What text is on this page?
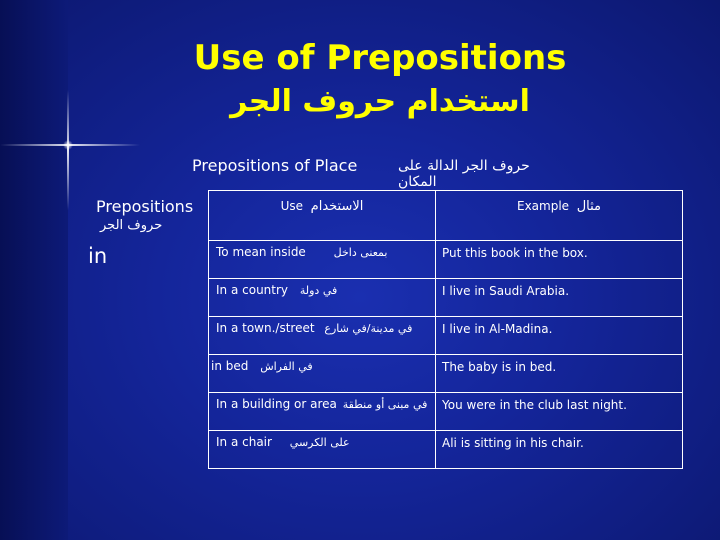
Use of Prepositions
استخدام حروف الجر
Prepositions of Place	حروف الجر الدالة على المكان
Prepositions
حروف الجر
in
Use الاستخدام	Example مثال
To mean inside بمعنى داخل	Put this book in the box.

In a country في دولة	I live in Saudi Arabia.

In a town./street في مدينة/في شارع	I live in Al-Madina.

in bed في الفراش	The baby is in bed.

In a building or area في مبنى أو منطقة	You were in the club last night.

In a chair على الكرسي	Ali is sitting in his chair.
